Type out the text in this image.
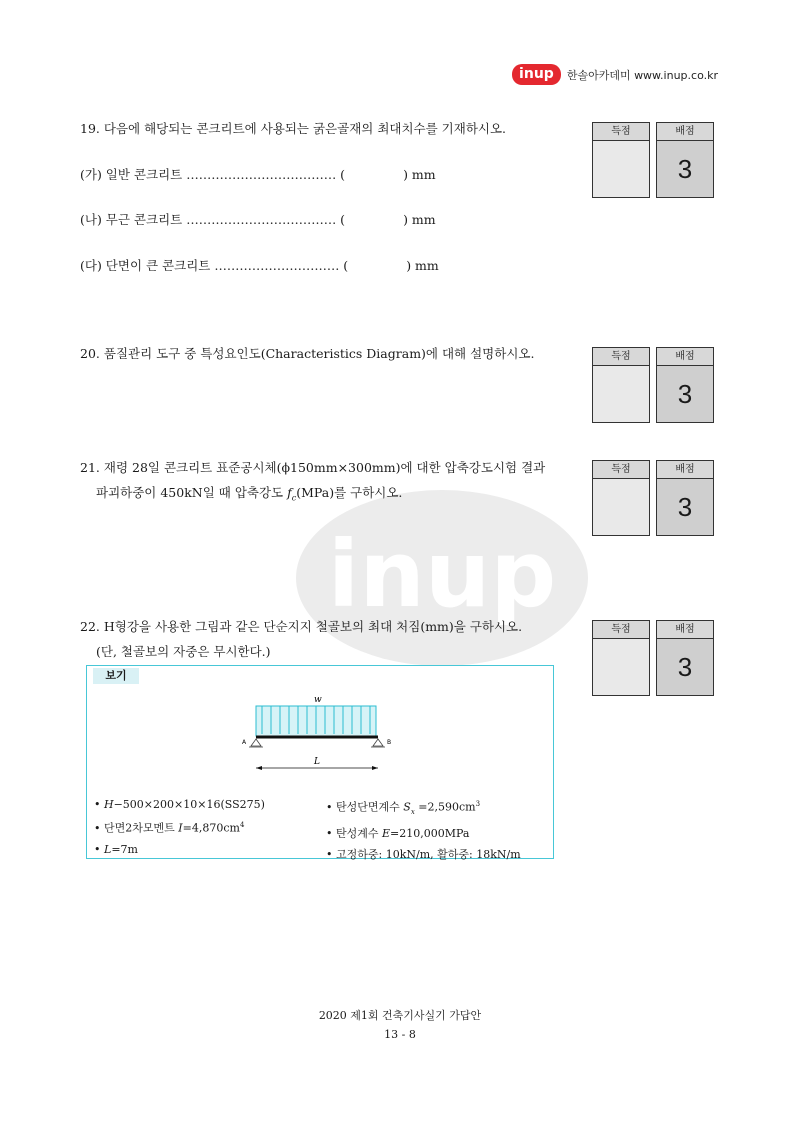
inup	한솔아카데미 www.inup.co.kr
inup
19. 다음에 해당되는 콘크리트에 사용되는 굵은골재의 최대치수를 기재하시오.
(가) 일반 콘크리트 ……………………………… (	) mm
(나) 무근 콘크리트 ……………………………… (	) mm
(다) 단면이 큰 콘크리트 ………………………… (	) mm
득점	배점
3
20. 품질관리 도구 중 특성요인도(Characteristics Diagram)에 대해 설명하시오.	득점	배점
3
21. 재령 28일 콘크리트 표준공시체(ϕ150mm×300mm)에 대한 압축강도시험 결과
파괴하중이 450kN일 때 압축강도 $f_c(MPa)$를 구하시오.
득점	배점
3
22. H형강을 사용한 그림과 같은 단순지지 철골보의 최대 처짐(mm)을 구하시오.
(단, 철골보의 자중은 무시한다.)
득점	배점
3
보기
w
A	B
L
• H−500×200×10×16(SS275)
• 단면2차모멘트 $I=4,870cm^4$
• L=7m
• 탄성단면계수 $S_x =2,590cm^3$
• 탄성계수 E=210,000MPa
• 고정하중: 10kN/m, 활하중: 18kN/m
2020 제1회 건축기사실기 가답안
13 - 8
